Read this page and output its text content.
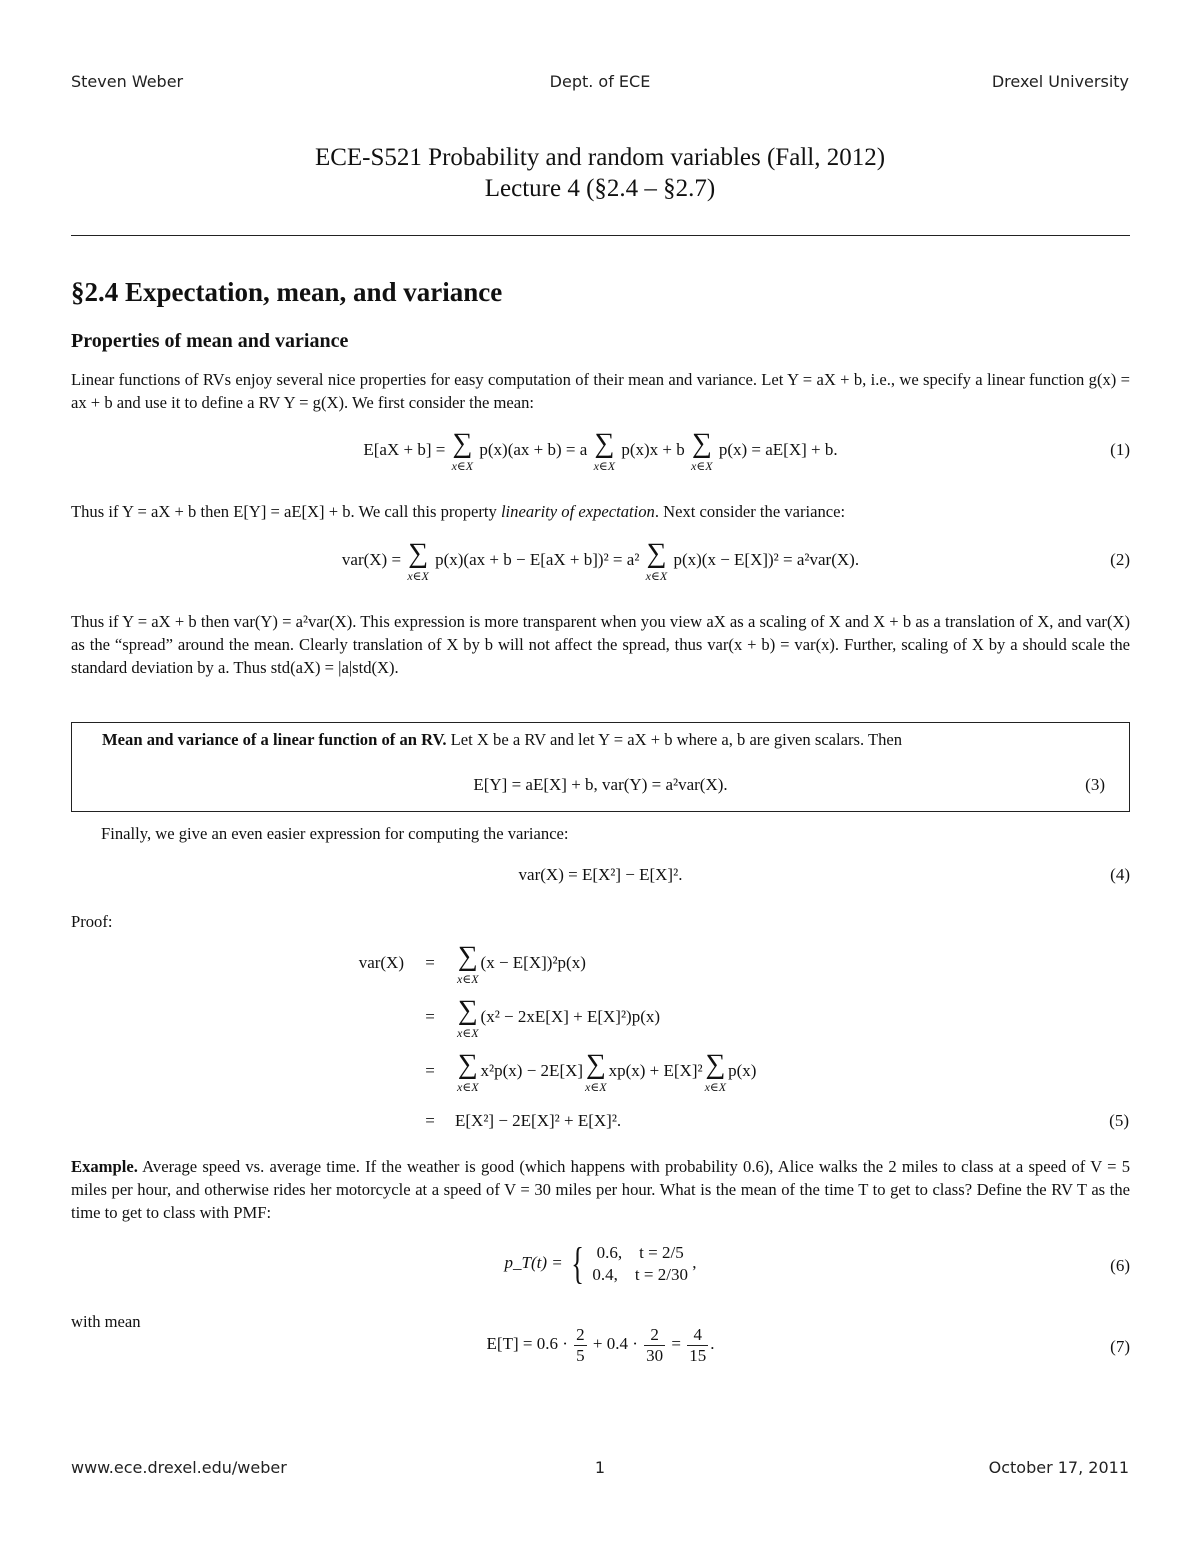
Steven Weber	Dept. of ECE	Drexel University
ECE-S521 Probability and random variables (Fall, 2012)
Lecture 4 (§2.4 – §2.7)
§2.4 Expectation, mean, and variance
Properties of mean and variance
Linear functions of RVs enjoy several nice properties for easy computation of their mean and variance. Let Y = aX + b, i.e., we specify a linear function g(x) = ax + b and use it to define a RV Y = g(X). We first consider the mean:
E[aX + b] = ∑
x∈X
p(x)(ax + b) = a ∑
x∈X
p(x)x + b ∑
x∈X
p(x) = aE[X] + b.	(1)
Thus if Y = aX + b then E[Y] = aE[X] + b. We call this property linearity of expectation. Next consider the variance:
var(X) = ∑
x∈X
p(x)(ax + b − E[aX + b])² = a² ∑
x∈X
p(x)(x − E[X])² = a²var(X).	(2)
Thus if Y = aX + b then var(Y) = a²var(X). This expression is more transparent when you view aX as a scaling of X and X + b as a translation of X, and var(X) as the “spread” around the mean. Clearly translation of X by b will not affect the spread, thus var(x + b) = var(x). Further, scaling of X by a should scale the standard deviation by a. Thus std(aX) = |a|std(X).
Mean and variance of a linear function of an RV. Let X be a RV and let Y = aX + b where a, b are given scalars. Then
E[Y] = aE[X] + b, var(Y) = a²var(X).	(3)
Finally, we give an even easier expression for computing the variance:
var(X) = E[X²] − E[X]².	(4)
Proof:
var(X)	= ∑
x∈X
(x − E[X])²p(x)
= ∑
x∈X
(x² − 2xE[X] + E[X]²)p(x)
= ∑
x∈X
x²p(x) − 2E[X] ∑
x∈X
xp(x) + E[X]² ∑
x∈X
p(x)
=	E[X²] − 2E[X]² + E[X]².	(5)
Example. Average speed vs. average time. If the weather is good (which happens with probability 0.6), Alice walks the 2 miles to class at a speed of V = 5 miles per hour, and otherwise rides her motorcycle at a speed of V = 30 miles per hour. What is the mean of the time T to get to class? Define the RV T as the time to get to class with PMF:
p_T(t) = { 0.6, t = 2/5
0.4, t = 2/30
,	(6)
with mean
$E[T] = 0.6 \cdot \frac{2}{5} + 0.4 \cdot \frac{2}{30} = \frac{4}{15}$ .	(7)
www.ece.drexel.edu/weber	1	October 17, 2011
